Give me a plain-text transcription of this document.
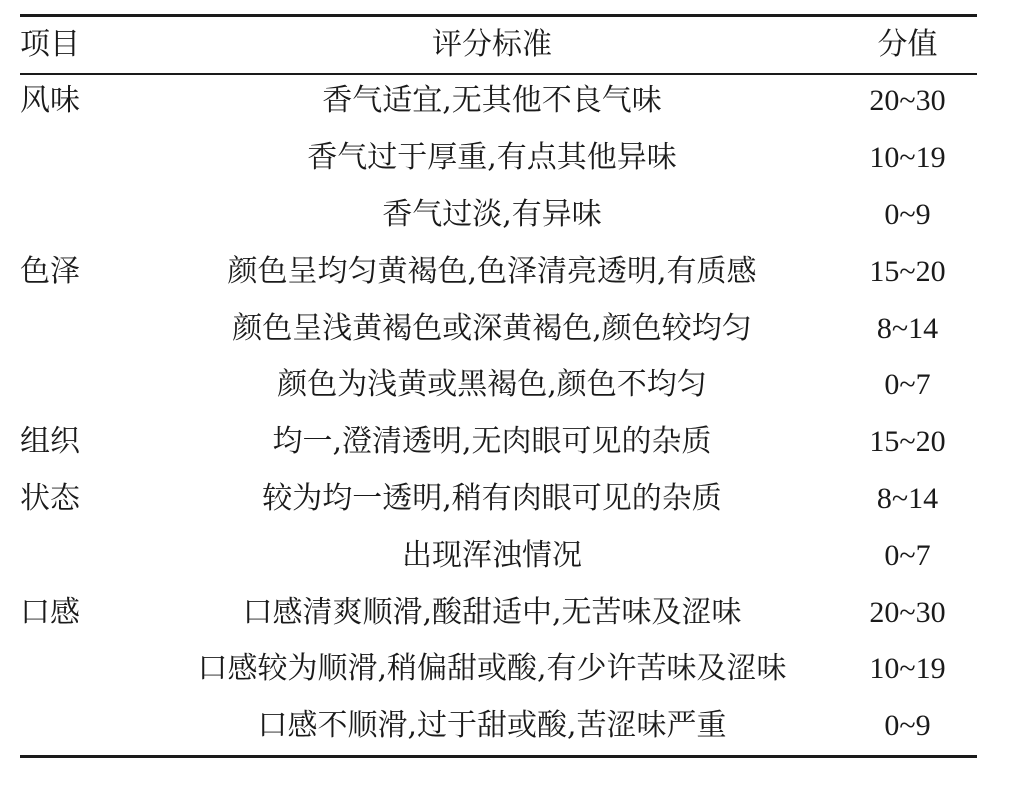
项目	评分标准	分值
风味	香气适宜,无其他不良气味	20~30
	香气过于厚重,有点其他异味	10~19
	香气过淡,有异味	0~9
色泽	颜色呈均匀黄褐色,色泽清亮透明,有质感	15~20
	颜色呈浅黄褐色或深黄褐色,颜色较均匀	8~14
	颜色为浅黄或黑褐色,颜色不均匀	0~7
组织	均一,澄清透明,无肉眼可见的杂质	15~20
状态	较为均一透明,稍有肉眼可见的杂质	8~14
	出现浑浊情况	0~7
口感	口感清爽顺滑,酸甜适中,无苦味及涩味	20~30
	口感较为顺滑,稍偏甜或酸,有少许苦味及涩味	10~19
	口感不顺滑,过于甜或酸,苦涩味严重	0~9
